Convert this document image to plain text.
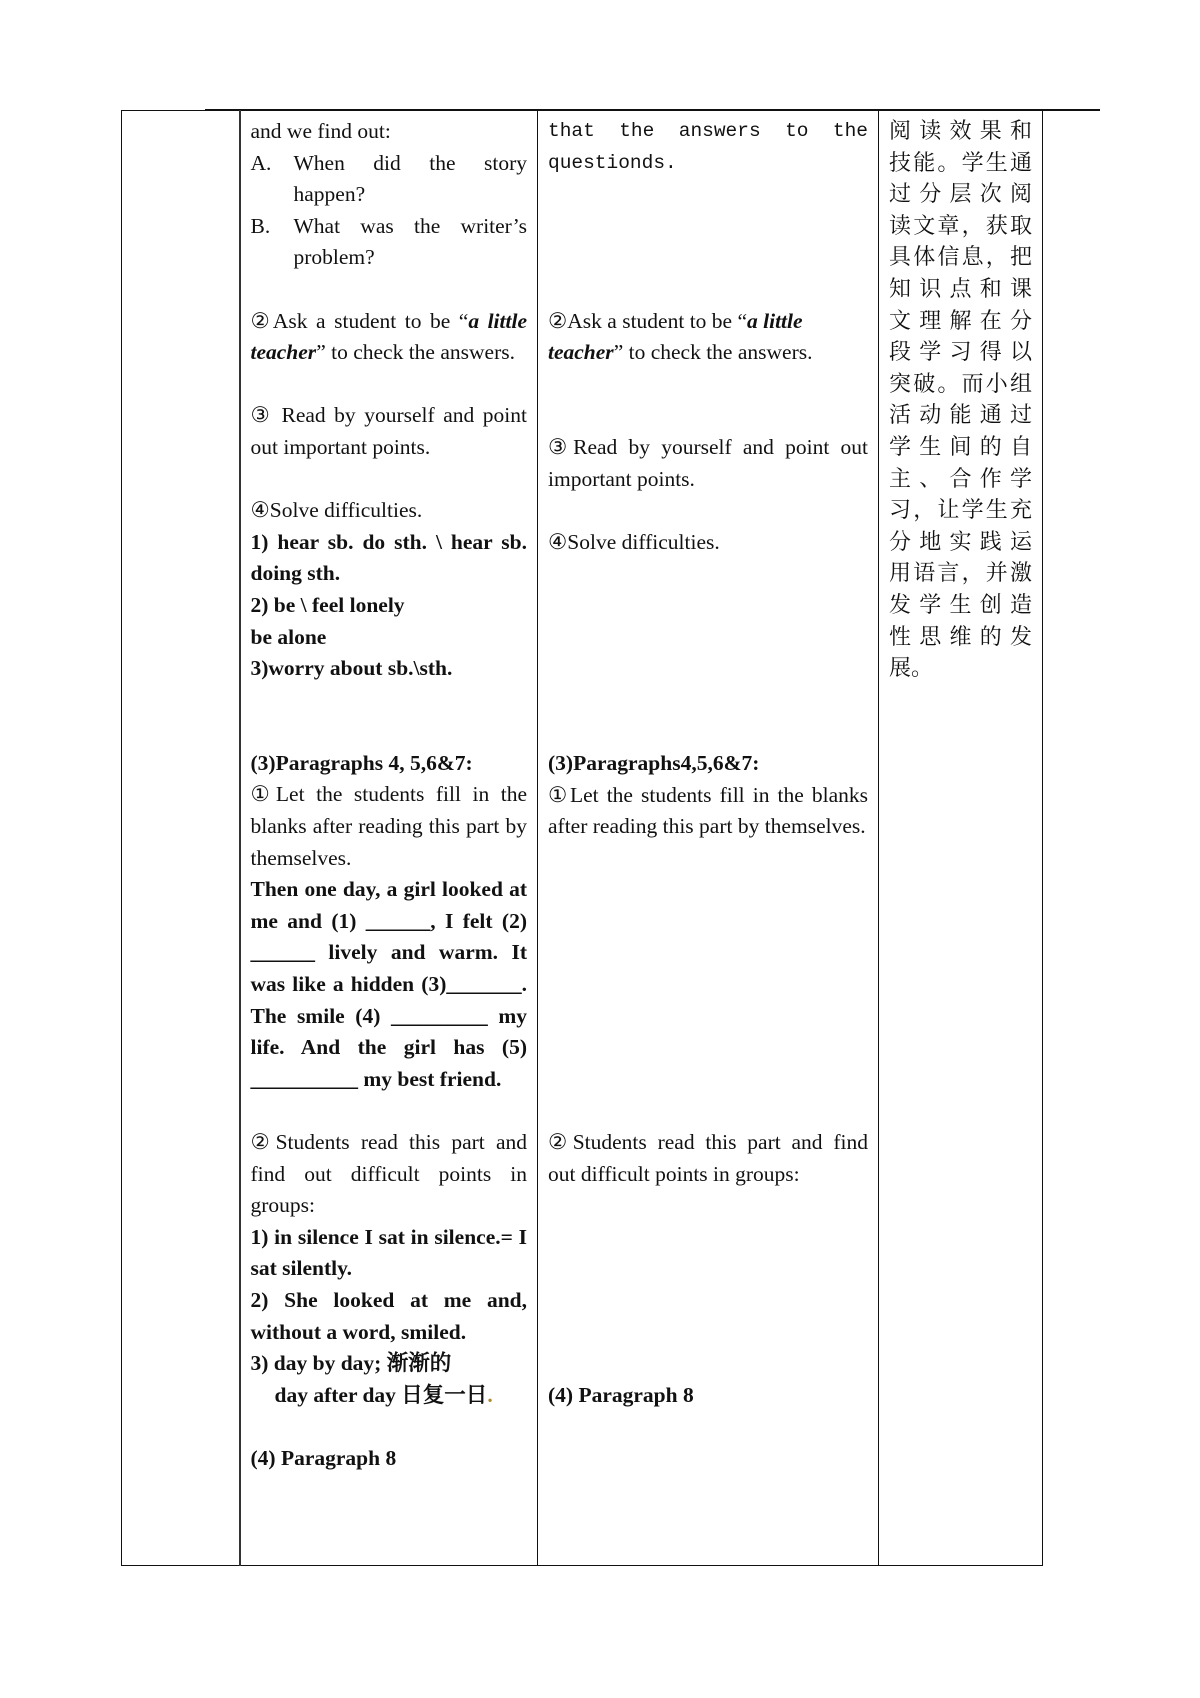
and we find out:
A.	When did the story happen?
B.	What was the writer’s problem?
②Ask a student to be “a little teacher” to check the answers.
③ Read by yourself and point out important points.
④Solve difficulties.
1) hear sb. do sth. \ hear sb. doing sth.
2) be \ feel lonely
be alone
3)worry about sb.\sth.
(3)Paragraphs 4, 5,6&7:
①Let the students fill in the blanks after reading this part by themselves.
Then one day, a girl looked at me and (1) ______, I felt (2) ______ lively and warm. It was like a hidden (3)_______. The smile (4) _________ my life. And the girl has (5) __________ my best friend.
②Students read this part and find out difficult points in groups:
1) in silence I sat in silence.= I sat silently.
2) She looked at me and, without a word, smiled.
3) day by day; 渐渐的
day after day 日复一日.
(4) Paragraph 8

that the answers to the
questionds.
②Ask a student to be “a little
teacher” to check the answers.
③Read by yourself and point out important points.
④Solve difficulties.
(3)Paragraphs4,5,6&7:
①Let the students fill in the blanks after reading this part by themselves.
②Students read this part and find out difficult points in groups:
(4) Paragraph 8

阅读效果和
技能。学生通
过分层次阅
读文章，获取
具体信息，把
知识点和课
文理解在分
段学习得以
突破。而小组
活动能通过
学生间的自
主、合作学
习，让学生充
分地实践运
用语言，并激
发学生创造
性思维的发
展。
